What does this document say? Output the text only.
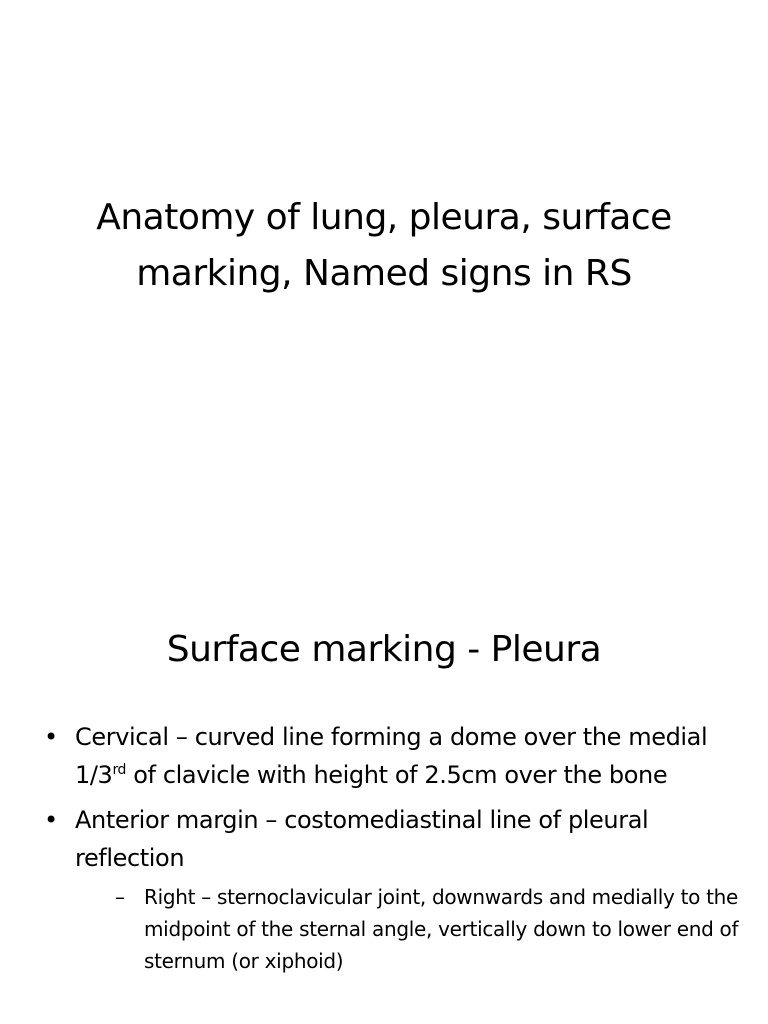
Anatomy of lung, pleura, surface
marking, Named signs in RS
Surface marking - Pleura
• Cervical – curved line forming a dome over the medial 1/3rd of clavicle with height of 2.5cm over the bone
• Anterior margin – costomediastinal line of pleural reflection
– Right – sternoclavicular joint, downwards and medially to the midpoint of the sternal angle, vertically down to lower end of sternum (or xiphoid)
